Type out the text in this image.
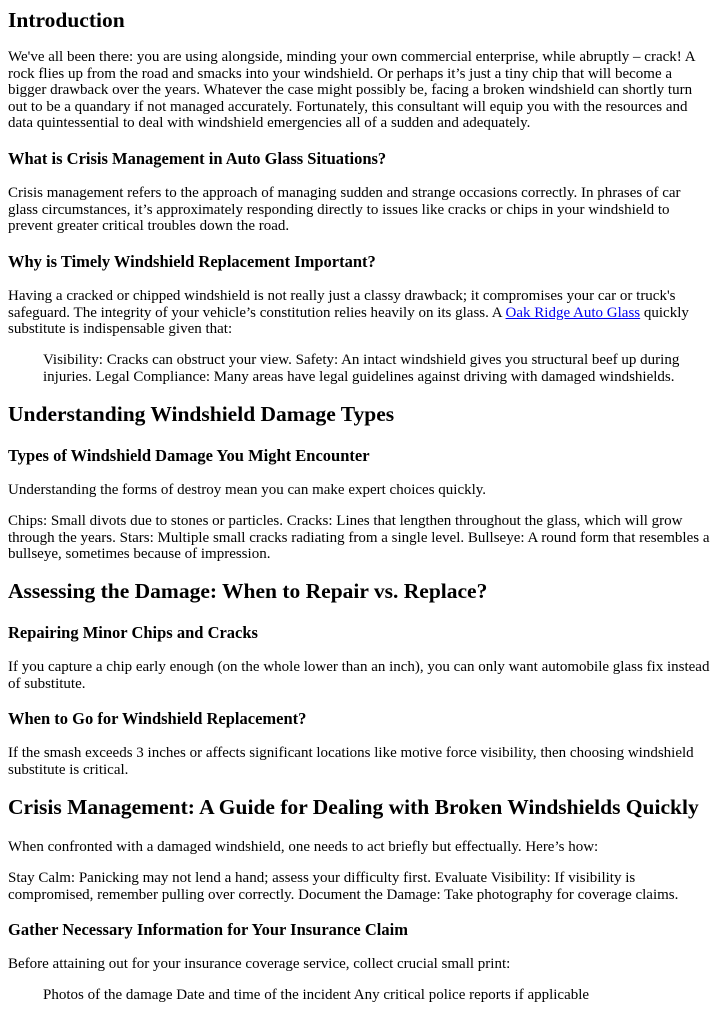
Introduction

We've all been there: you are using alongside, minding your own commercial enterprise, while abruptly – crack! A rock flies up from the road and smacks into your windshield. Or perhaps it’s just a tiny chip that will become a bigger drawback over the years. Whatever the case might possibly be, facing a broken windshield can shortly turn out to be a quandary if not managed accurately. Fortunately, this consultant will equip you with the resources and data quintessential to deal with windshield emergencies all of a sudden and adequately.

What is Crisis Management in Auto Glass Situations?

Crisis management refers to the approach of managing sudden and strange occasions correctly. In phrases of car glass circumstances, it’s approximately responding directly to issues like cracks or chips in your windshield to prevent greater critical troubles down the road.

Why is Timely Windshield Replacement Important?

Having a cracked or chipped windshield is not really just a classy drawback; it compromises your car or truck's safeguard. The integrity of your vehicle’s constitution relies heavily on its glass. A Oak Ridge Auto Glass quickly substitute is indispensable given that:

Visibility: Cracks can obstruct your view. Safety: An intact windshield gives you structural beef up during injuries. Legal Compliance: Many areas have legal guidelines against driving with damaged windshields.
Understanding Windshield Damage Types
Types of Windshield Damage You Might Encounter

Understanding the forms of destroy mean you can make expert choices quickly.

Chips: Small divots due to stones or particles. Cracks: Lines that lengthen throughout the glass, which will grow through the years. Stars: Multiple small cracks radiating from a single level. Bullseye: A round form that resembles a bullseye, sometimes because of impression.

Assessing the Damage: When to Repair vs. Replace?
Repairing Minor Chips and Cracks

If you capture a chip early enough (on the whole lower than an inch), you can only want automobile glass fix instead of substitute.

When to Go for Windshield Replacement?

If the smash exceeds 3 inches or affects significant locations like motive force visibility, then choosing windshield substitute is critical.

Crisis Management: A Guide for Dealing with Broken Windshields Quickly

When confronted with a damaged windshield, one needs to act briefly but effectually. Here’s how:

Stay Calm: Panicking may not lend a hand; assess your difficulty first. Evaluate Visibility: If visibility is compromised, remember pulling over correctly. Document the Damage: Take photography for coverage claims.

Gather Necessary Information for Your Insurance Claim

Before attaining out for your insurance coverage service, collect crucial small print:

Photos of the damage Date and time of the incident Any critical police reports if applicable
